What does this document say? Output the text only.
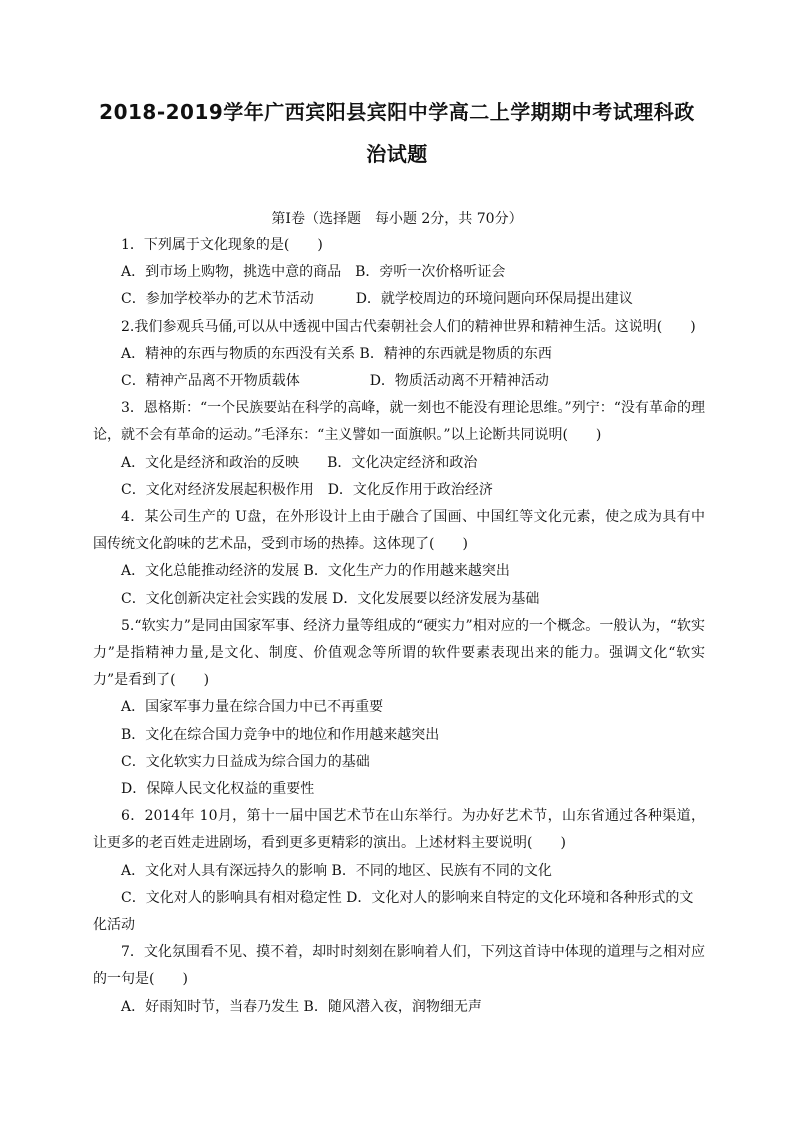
2018-2019学年广西宾阳县宾阳中学高二上学期期中考试理科政
治试题

第Ⅰ卷（选择题　每小题 2分，共 70分）

1．下列属于文化现象的是(　　)

A．到市场上购物，挑选中意的商品　B．旁听一次价格听证会

C．参加学校举办的艺术节活动　　　D．就学校周边的环境问题向环保局提出建议

2.我们参观兵马俑,可以从中透视中国古代秦朝社会人们的精神世界和精神生活。这说明(　　)

A．精神的东西与物质的东西没有关系 B．精神的东西就是物质的东西

C．精神产品离不开物质载体　　　　　D．物质活动离不开精神活动

3．恩格斯：“一个民族要站在科学的高峰，就一刻也不能没有理论思维。”列宁：“没有革命的理论，就不会有革命的运动。”毛泽东：“主义譬如一面旗帜。”以上论断共同说明(　　)

A．文化是经济和政治的反映　　B．文化决定经济和政治

C．文化对经济发展起积极作用　D．文化反作用于政治经济

4．某公司生产的 U盘，在外形设计上由于融合了国画、中国红等文化元素，使之成为具有中国传统文化韵味的艺术品，受到市场的热捧。这体现了(　　)

A．文化总能推动经济的发展 B．文化生产力的作用越来越突出

C．文化创新决定社会实践的发展 D．文化发展要以经济发展为基础

5.“软实力”是同由国家军事、经济力量等组成的“硬实力”相对应的一个概念。一般认为，“软实力”是指精神力量,是文化、制度、价值观念等所谓的软件要素表现出来的能力。强调文化“软实力”是看到了(　　)

A．国家军事力量在综合国力中已不再重要

B．文化在综合国力竞争中的地位和作用越来越突出

C．文化软实力日益成为综合国力的基础

D．保障人民文化权益的重要性

6．2014年 10月，第十一届中国艺术节在山东举行。为办好艺术节，山东省通过各种渠道，让更多的老百姓走进剧场，看到更多更精彩的演出。上述材料主要说明(　　)

A．文化对人具有深远持久的影响 B．不同的地区、民族有不同的文化

C．文化对人的影响具有相对稳定性 D．文化对人的影响来自特定的文化环境和各种形式的文化活动

7．文化氛围看不见、摸不着，却时时刻刻在影响着人们，下列这首诗中体现的道理与之相对应的一句是(　　)

A．好雨知时节，当春乃发生 B．随风潜入夜，润物细无声
